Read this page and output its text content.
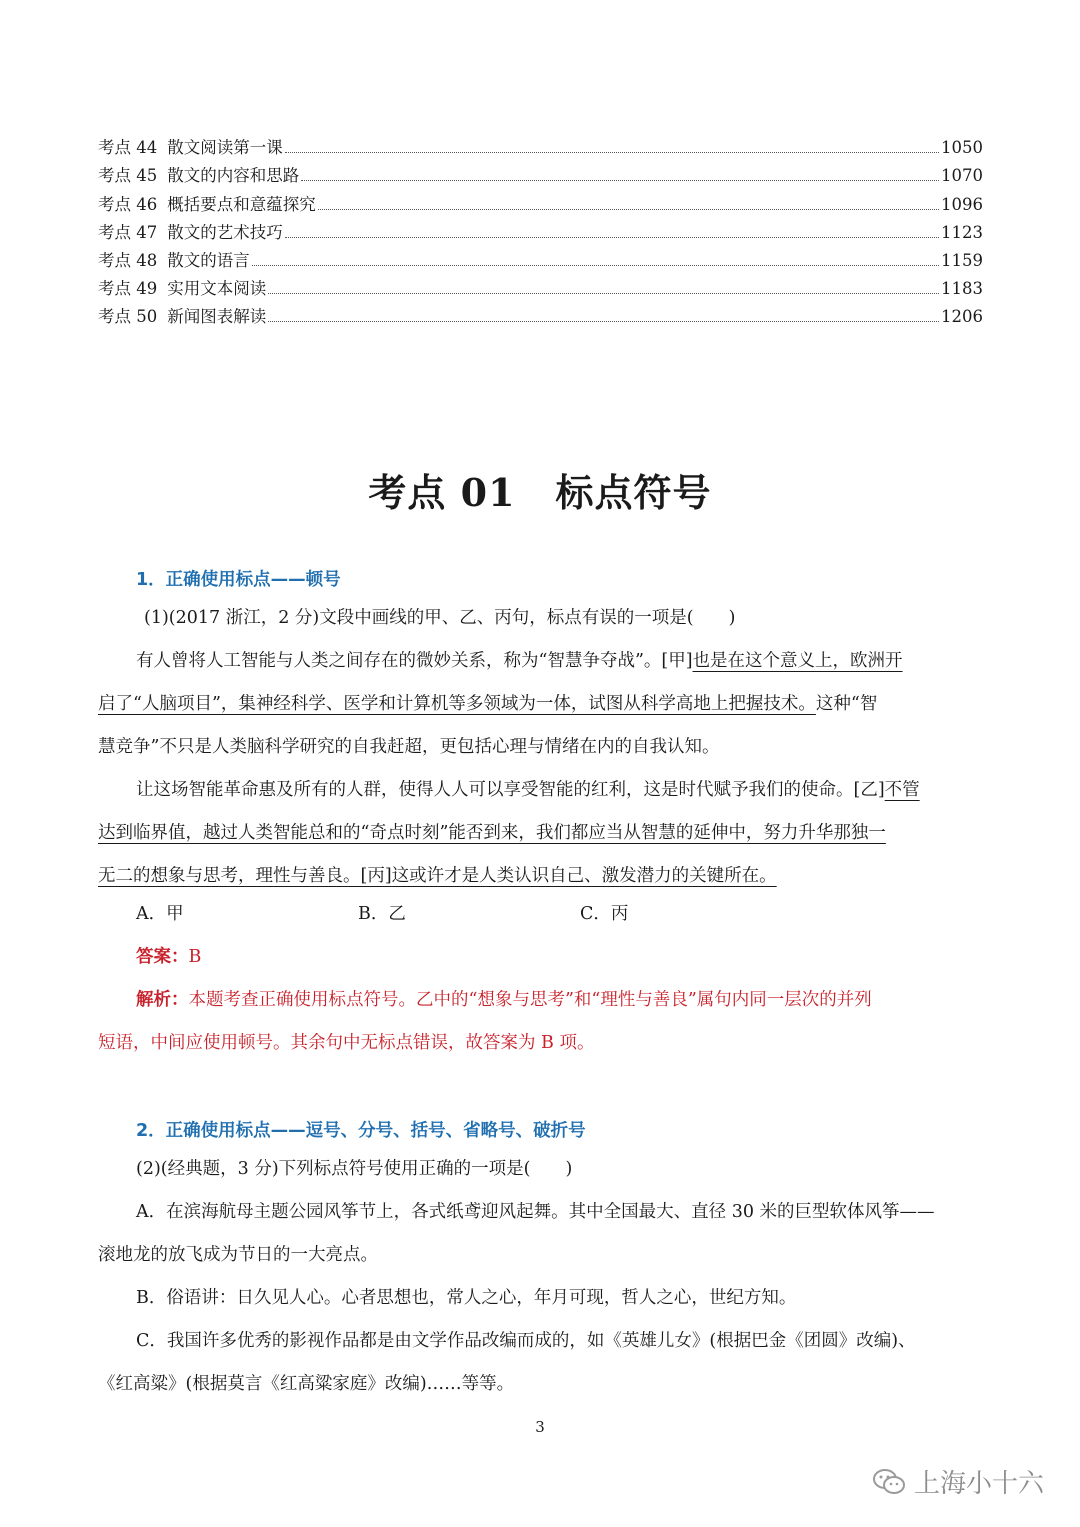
考点 44 散文阅读第一课	1050
考点 45 散文的内容和思路	1070
考点 46 概括要点和意蕴探究	1096
考点 47 散文的艺术技巧	1123
考点 48 散文的语言	1159
考点 49 实用文本阅读	1183
考点 50 新闻图表解读	1206
考点 01 标点符号
1．正确使用标点——顿号
(1)(2017 浙江，2 分)文段中画线的甲、乙、丙句，标点有误的一项是(　　)
有人曾将人工智能与人类之间存在的微妙关系，称为“智慧争夺战”。[甲]也是在这个意义上，欧洲开
启了“人脑项目”，集神经科学、医学和计算机等多领域为一体，试图从科学高地上把握技术。这种“智
慧竞争”不只是人类脑科学研究的自我赶超，更包括心理与情绪在内的自我认知。
让这场智能革命惠及所有的人群，使得人人可以享受智能的红利，这是时代赋予我们的使命。[乙]不管
达到临界值，越过人类智能总和的“奇点时刻”能否到来，我们都应当从智慧的延伸中，努力升华那独一
无二的想象与思考，理性与善良。[丙]这或许才是人类认识自己、激发潜力的关键所在。
A．甲	B．乙	C．丙
答案：B
解析：本题考查正确使用标点符号。乙中的“想象与思考”和“理性与善良”属句内同一层次的并列
短语，中间应使用顿号。其余句中无标点错误，故答案为 B 项。
2．正确使用标点——逗号、分号、括号、省略号、破折号
(2)(经典题，3 分)下列标点符号使用正确的一项是(　　)
A．在滨海航母主题公园风筝节上，各式纸鸢迎风起舞。其中全国最大、直径 30 米的巨型软体风筝——
滚地龙的放飞成为节日的一大亮点。
B．俗语讲：日久见人心。心者思想也，常人之心，年月可现，哲人之心，世纪方知。
C．我国许多优秀的影视作品都是由文学作品改编而成的，如《英雄儿女》(根据巴金《团圆》改编)、
《红高粱》(根据莫言《红高粱家庭》改编)……等等。
3
上海小十六
